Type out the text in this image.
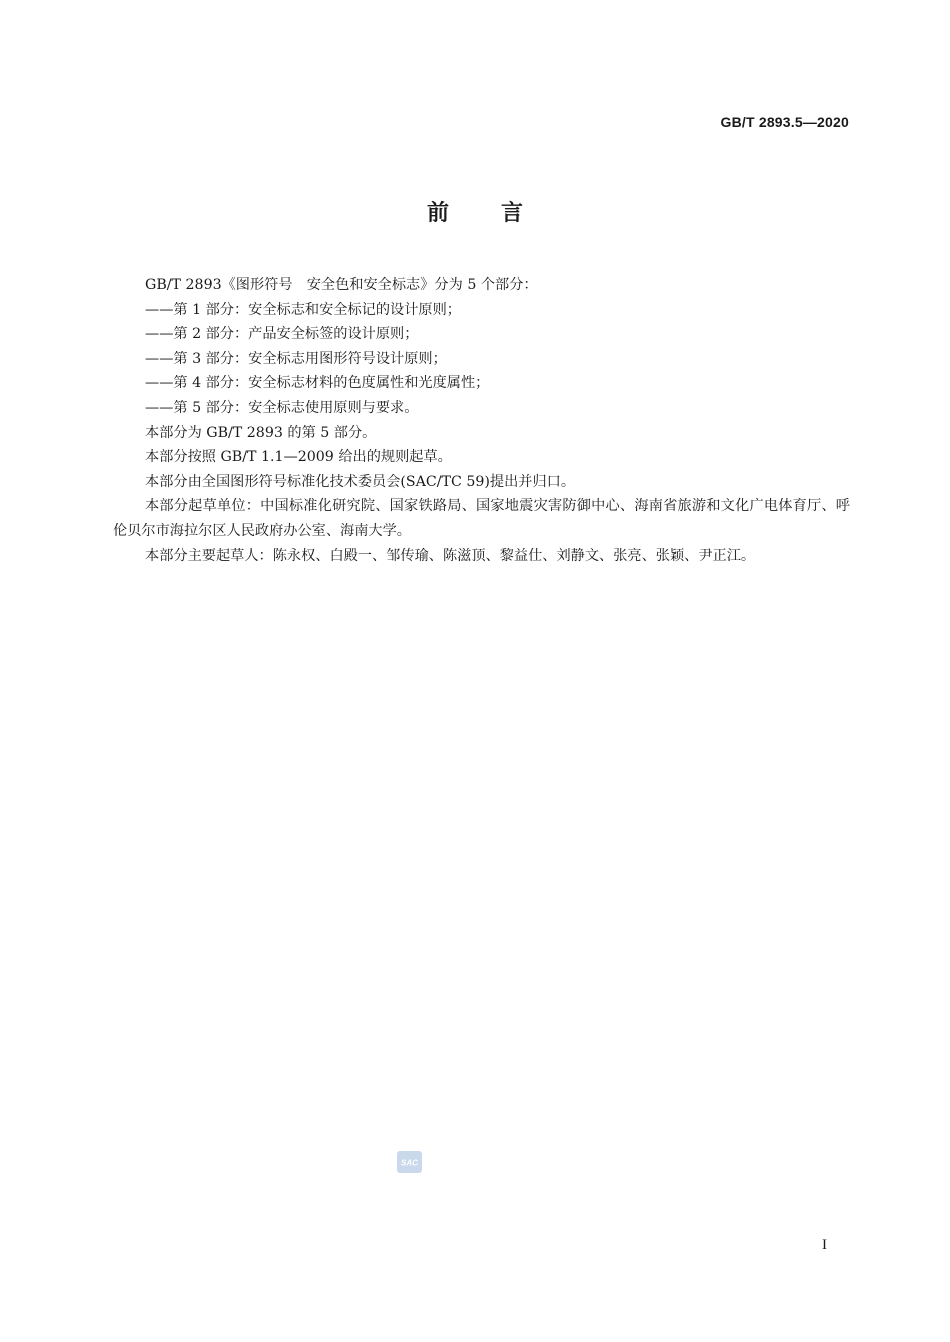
GB/T 2893.5—2020
前言

GB/T 2893《图形符号　安全色和安全标志》分为 5 个部分：

——第 1 部分：安全标志和安全标记的设计原则；

——第 2 部分：产品安全标签的设计原则；

——第 3 部分：安全标志用图形符号设计原则；

——第 4 部分：安全标志材料的色度属性和光度属性；

——第 5 部分：安全标志使用原则与要求。

本部分为 GB/T 2893 的第 5 部分。

本部分按照 GB/T 1.1—2009 给出的规则起草。

本部分由全国图形符号标准化技术委员会(SAC/TC 59)提出并归口。

本部分起草单位：中国标准化研究院、国家铁路局、国家地震灾害防御中心、海南省旅游和文化广电体育厅、呼伦贝尔市海拉尔区人民政府办公室、海南大学。

本部分主要起草人：陈永权、白殿一、邹传瑜、陈滋顶、黎益仕、刘静文、张亮、张颖、尹正江。

SAC
I
